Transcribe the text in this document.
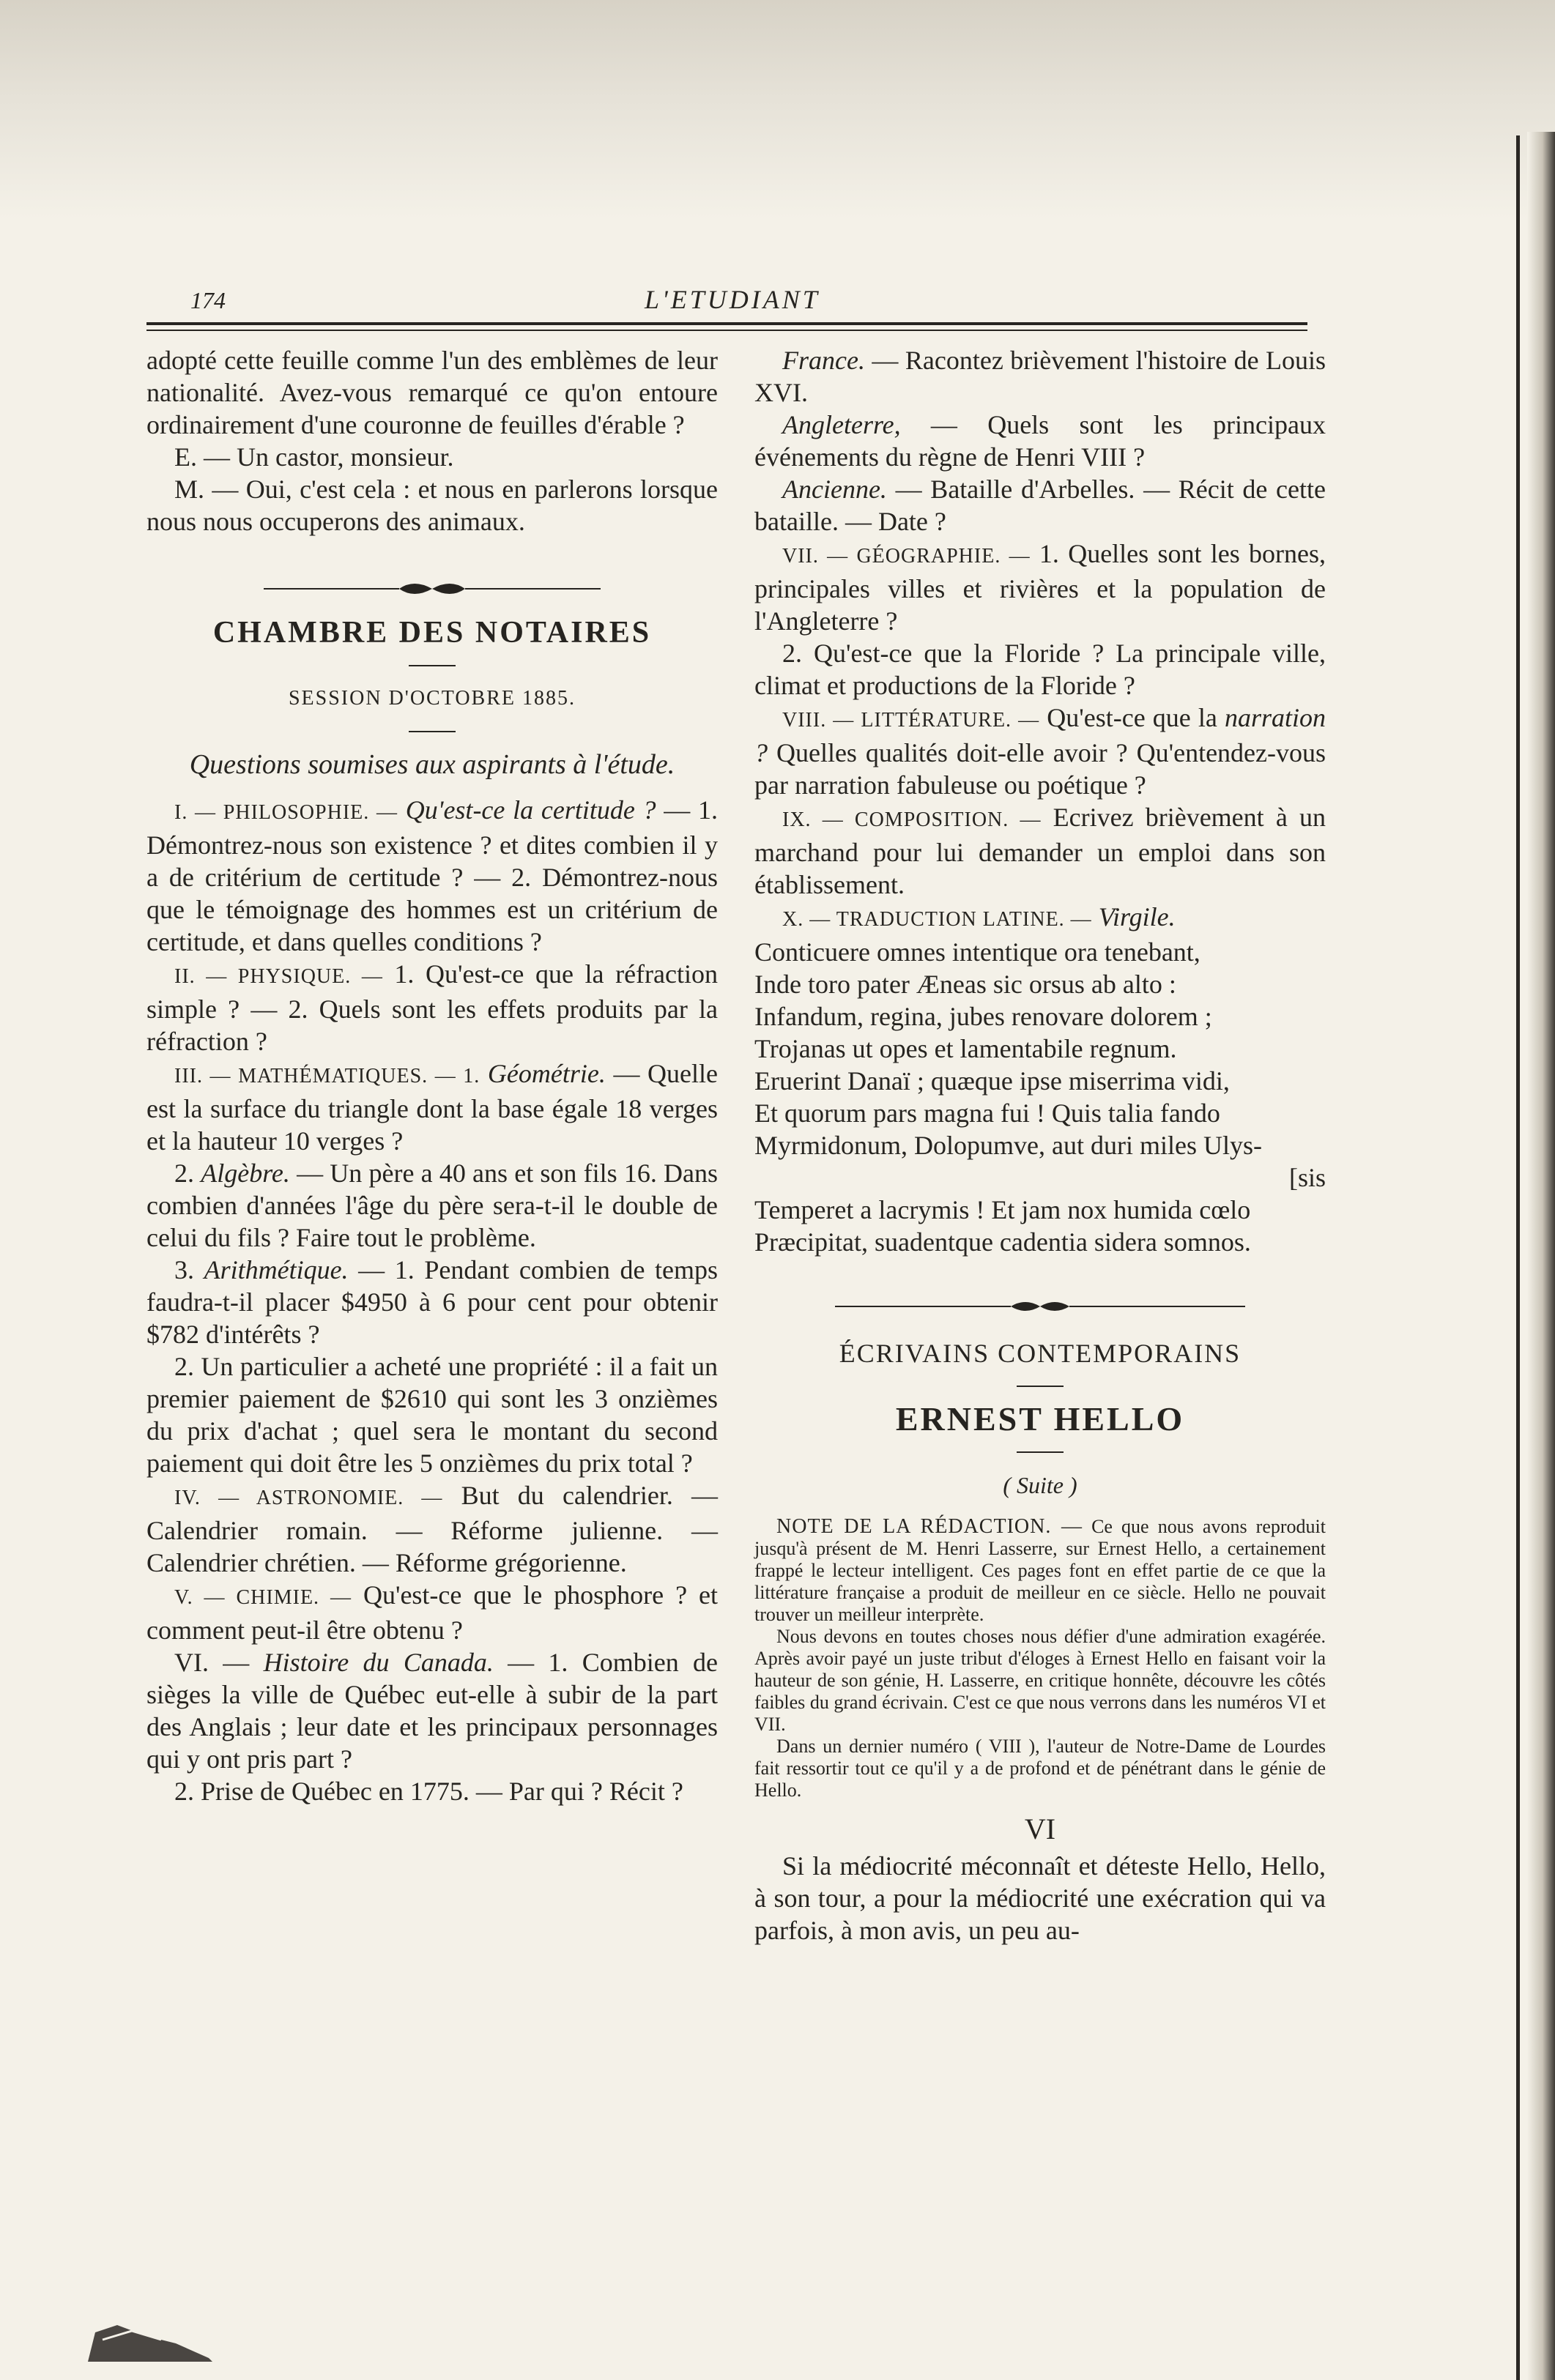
174	L'ETUDIANT

adopté cette feuille comme l'un des emblèmes de leur nationalité. Avez-vous remarqué ce qu'on entoure ordinairement d'une couronne de feuilles d'érable ?

E. — Un castor, monsieur.

M. — Oui, c'est cela : et nous en parlerons lorsque nous nous occuperons des animaux.

CHAMBRE DES NOTAIRES
SESSION D'OCTOBRE 1885.
Questions soumises aux aspirants à l'étude.

I. — PHILOSOPHIE. — Qu'est-ce la certitude ? — 1. Démontrez-nous son existence ? et dites combien il y a de critérium de certitude ? — 2. Démontrez-nous que le témoignage des hommes est un critérium de certitude, et dans quelles conditions ?

II. — PHYSIQUE. — 1. Qu'est-ce que la réfraction simple ? — 2. Quels sont les effets produits par la réfraction ?

III. — MATHÉMATIQUES. — 1. Géométrie. — Quelle est la surface du triangle dont la base égale 18 verges et la hauteur 10 verges ?

2. Algèbre. — Un père a 40 ans et son fils 16. Dans combien d'années l'âge du père sera-t-il le double de celui du fils ? Faire tout le problème.

3. Arithmétique. — 1. Pendant combien de temps faudra-t-il placer $4950 à 6 pour cent pour obtenir $782 d'intérêts ?

2. Un particulier a acheté une propriété : il a fait un premier paiement de $2610 qui sont les 3 onzièmes du prix d'achat ; quel sera le montant du second paiement qui doit être les 5 onzièmes du prix total ?

IV. — ASTRONOMIE. — But du calendrier. — Calendrier romain. — Réforme julienne. — Calendrier chrétien. — Réforme grégorienne.

V. — CHIMIE. — Qu'est-ce que le phosphore ? et comment peut-il être obtenu ?

VI. — Histoire du Canada. — 1. Combien de sièges la ville de Québec eut-elle à subir de la part des Anglais ; leur date et les principaux personnages qui y ont pris part ?

2. Prise de Québec en 1775. — Par qui ? Récit ?

France. — Racontez brièvement l'histoire de Louis XVI.

Angleterre, — Quels sont les principaux événements du règne de Henri VIII ?

Ancienne. — Bataille d'Arbelles. — Récit de cette bataille. — Date ?

VII. — GÉOGRAPHIE. — 1. Quelles sont les bornes, principales villes et rivières et la population de l'Angleterre ?

2. Qu'est-ce que la Floride ? La principale ville, climat et productions de la Floride ?

VIII. — LITTÉRATURE. — Qu'est-ce que la narration ? Quelles qualités doit-elle avoir ? Qu'entendez-vous par narration fabuleuse ou poétique ?

IX. — COMPOSITION. — Ecrivez brièvement à un marchand pour lui demander un emploi dans son établissement.

X. — TRADUCTION LATINE. — Virgile.

Conticuere omnes intentique ora tenebant,

Inde toro pater Æneas sic orsus ab alto :

Infandum, regina, jubes renovare dolorem ;

Trojanas ut opes et lamentabile regnum.

Eruerint Danaï ; quæque ipse miserrima vidi,

Et quorum pars magna fui ! Quis talia fando

Myrmidonum, Dolopumve, aut duri miles Ulys-

[sis

Temperet a lacrymis ! Et jam nox humida cœlo

Præcipitat, suadentque cadentia sidera somnos.

ÉCRIVAINS CONTEMPORAINS
ERNEST HELLO
( Suite )

NOTE DE LA RÉDACTION. — Ce que nous avons reproduit jusqu'à présent de M. Henri Lasserre, sur Ernest Hello, a certainement frappé le lecteur intelligent. Ces pages font en effet partie de ce que la littérature française a produit de meilleur en ce siècle. Hello ne pouvait trouver un meilleur interprète.

Nous devons en toutes choses nous défier d'une admiration exagérée. Après avoir payé un juste tribut d'éloges à Ernest Hello en faisant voir la hauteur de son génie, H. Lasserre, en critique honnête, découvre les côtés faibles du grand écrivain. C'est ce que nous verrons dans les numéros VI et VII.

Dans un dernier numéro ( VIII ), l'auteur de Notre-Dame de Lourdes fait ressortir tout ce qu'il y a de profond et de pénétrant dans le génie de Hello.

VI

Si la médiocrité méconnaît et déteste Hello, Hello, à son tour, a pour la médiocrité une exécration qui va parfois, à mon avis, un peu au-
